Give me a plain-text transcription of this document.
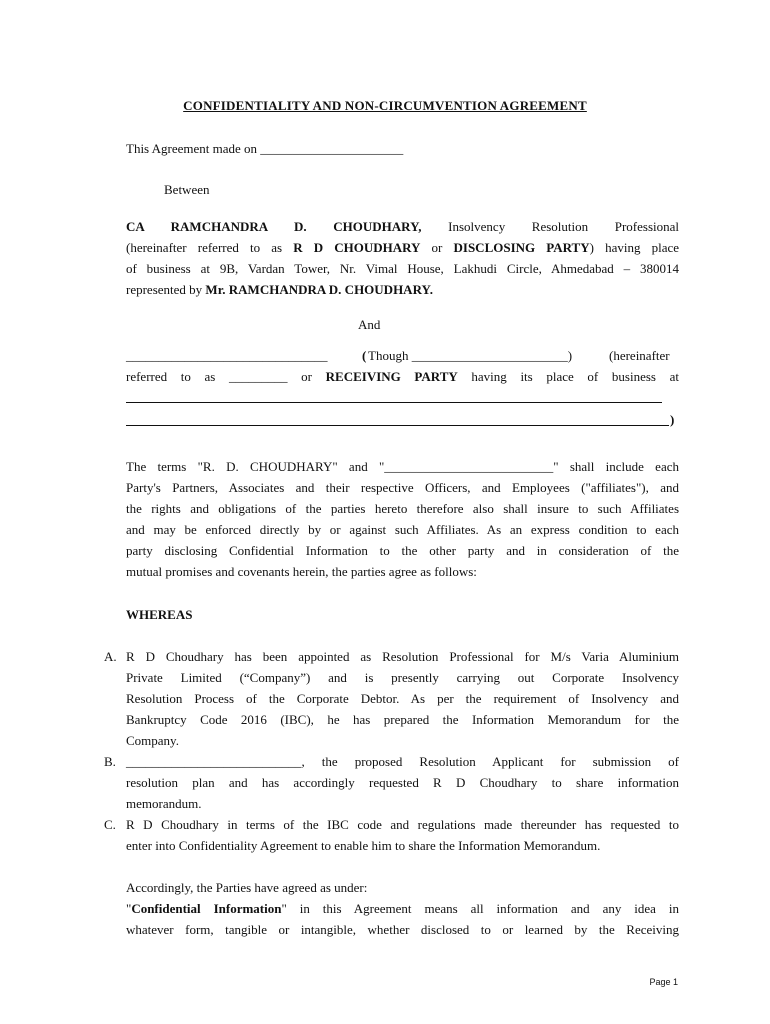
CONFIDENTIALITY AND NON-CIRCUMVENTION AGREEMENT
This Agreement made on ______________________
Between
CA RAMCHANDRA D. CHOUDHARY, Insolvency Resolution Professional
(hereinafter referred to as R D CHOUDHARY or DISCLOSING PARTY) having place
of business at 9B, Vardan Tower, Nr. Vimal House, Lakhudi Circle, Ahmedabad – 380014
represented by Mr. RAMCHANDRA D. CHOUDHARY.
And
_______________________________	( Though ________________________)	(hereinafter
referred to as _________ or RECEIVING PARTY having its place of business at
)
The terms "R. D. CHOUDHARY" and "__________________________" shall include each
Party's Partners, Associates and their respective Officers, and Employees ("affiliates"), and
the rights and obligations of the parties hereto therefore also shall insure to such Affiliates
and may be enforced directly by or against such Affiliates. As an express condition to each
party disclosing Confidential Information to the other party and in consideration of the
mutual promises and covenants herein, the parties agree as follows:
WHEREAS
A. R D Choudhary has been appointed as Resolution Professional for M/s Varia Aluminium
Private Limited (“Company”) and is presently carrying out Corporate Insolvency
Resolution Process of the Corporate Debtor. As per the requirement of Insolvency and
Bankruptcy Code 2016 (IBC), he has prepared the Information Memorandum for the
Company.
B. ___________________________, the proposed Resolution Applicant for submission of
resolution plan and has accordingly requested R D Choudhary to share information
memorandum.
C. R D Choudhary in terms of the IBC code and regulations made thereunder has requested to
enter into Confidentiality Agreement to enable him to share the Information Memorandum.
Accordingly, the Parties have agreed as under:
"Confidential Information" in this Agreement means all information and any idea in
whatever form, tangible or intangible, whether disclosed to or learned by the Receiving
Page 1
